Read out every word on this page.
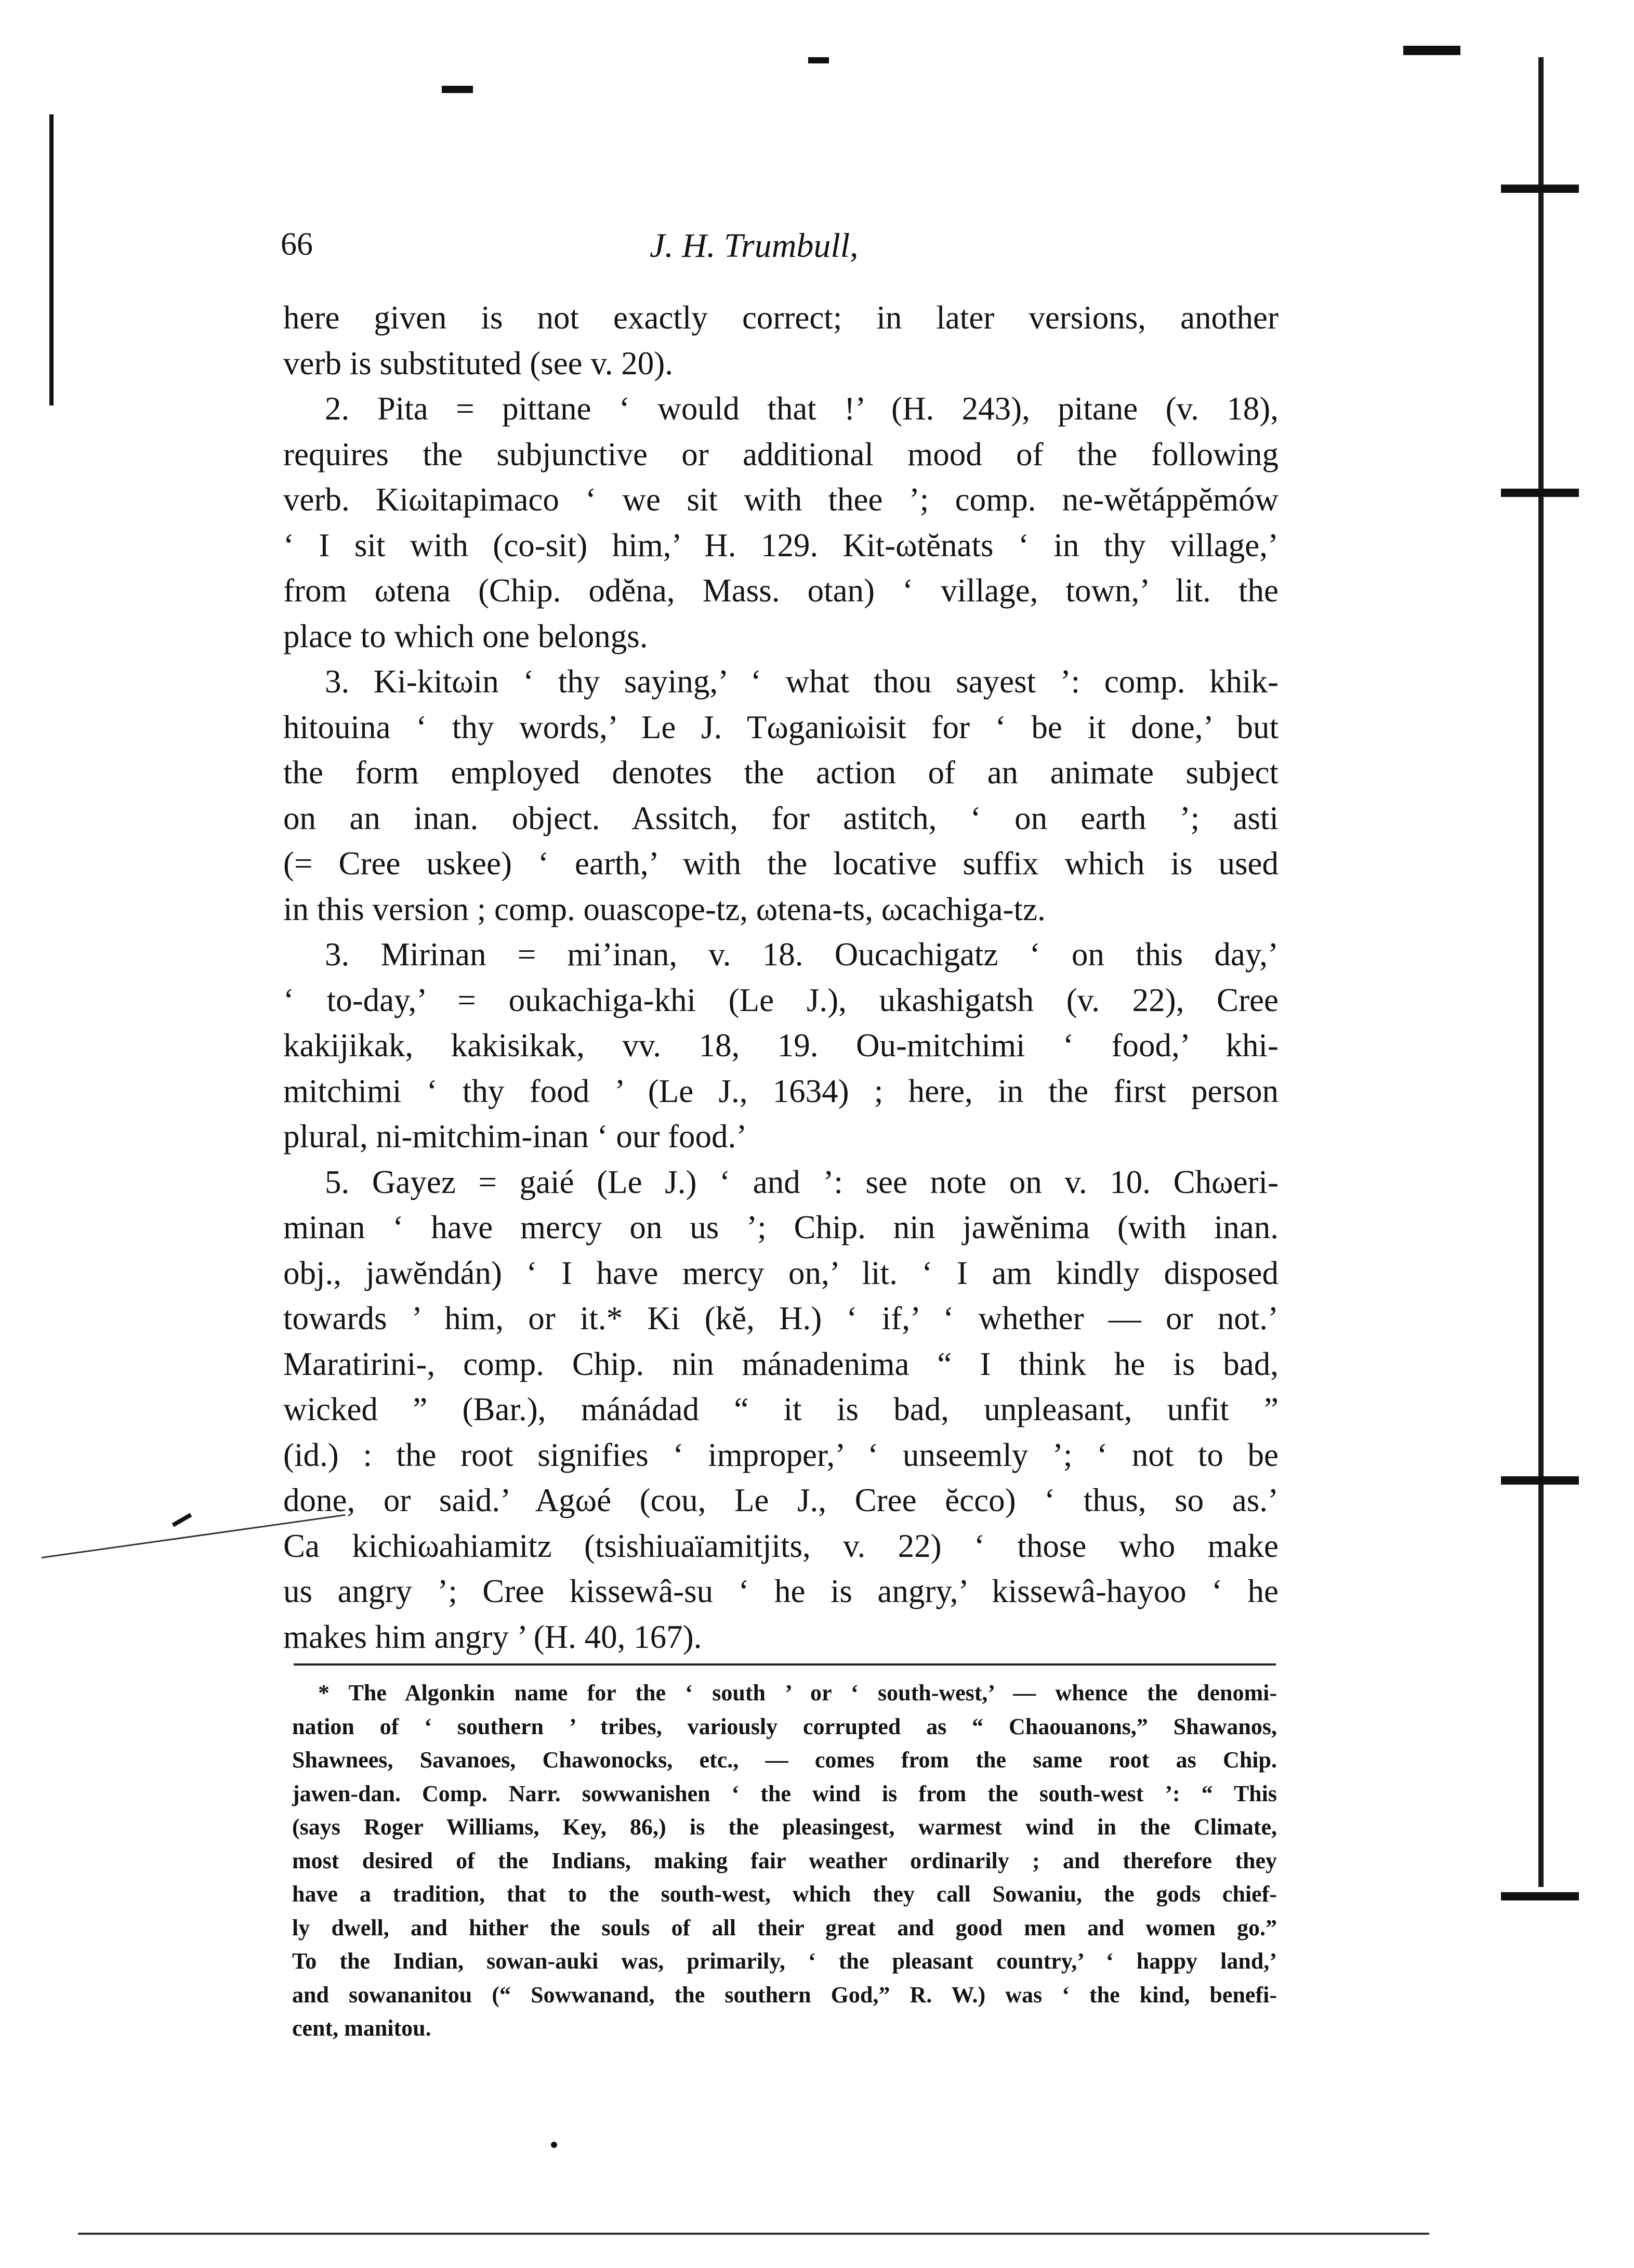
66	J. H. Trumbull,

here given is not exactly correct; in later versions, another

verb is substituted (see v. 20).

2. Pita = pittane ‘ would that !’ (H. 243), pitane (v. 18),

requires the subjunctive or additional mood of the following

verb. Kiωitapimaco ‘ we sit with thee ’; comp. ne-wĕtáppĕmów

‘ I sit with (co-sit) him,’ H. 129. Kit-ωtĕnats ‘ in thy village,’

from ωtena (Chip. odĕna, Mass. otan) ‘ village, town,’ lit. the

place to which one belongs.

3. Ki-kitωin ‘ thy saying,’ ‘ what thou sayest ’: comp. khik-

hitouina ‘ thy words,’ Le J. Tωganiωisit for ‘ be it done,’ but

the form employed denotes the action of an animate subject

on an inan. object. Assitch, for astitch, ‘ on earth ’; asti

(= Cree uskee) ‘ earth,’ with the locative suffix which is used

in this version ; comp. ouascope-tz, ωtena-ts, ωcachiga-tz.

3. Mirinan = mi’inan, v. 18. Oucachigatz ‘ on this day,’

‘ to-day,’ = oukachiga-khi (Le J.), ukashigatsh (v. 22), Cree

kakijikak, kakisikak, vv. 18, 19. Ou-mitchimi ‘ food,’ khi-

mitchimi ‘ thy food ’ (Le J., 1634) ; here, in the first person

plural, ni-mitchim-inan ‘ our food.’

5. Gayez = gaié (Le J.) ‘ and ’: see note on v. 10. Chωeri-

minan ‘ have mercy on us ’; Chip. nin jawĕnima (with inan.

obj., jawĕndán) ‘ I have mercy on,’ lit. ‘ I am kindly disposed

towards ’ him, or it.* Ki (kĕ, H.) ‘ if,’ ‘ whether — or not.’

Maratirini-, comp. Chip. nin mánadenima “ I think he is bad,

wicked ” (Bar.), mánádad “ it is bad, unpleasant, unfit ”

(id.) : the root signifies ‘ improper,’ ‘ unseemly ’; ‘ not to be

done, or said.’ Agωé (cou, Le J., Cree ĕcco) ‘ thus, so as.’

Ca kichiωahiamitz (tsishiuaïamitjits, v. 22) ‘ those who make

us angry ’; Cree kissewâ-su ‘ he is angry,’ kissewâ-hayoo ‘ he

makes him angry ’ (H. 40, 167).

* The Algonkin name for the ‘ south ’ or ‘ south-west,’ — whence the denomi-

nation of ‘ southern ’ tribes, variously corrupted as “ Chaouanons,” Shawanos,

Shawnees, Savanoes, Chawonocks, etc., — comes from the same root as Chip.

jawen-dan. Comp. Narr. sowwanishen ‘ the wind is from the south-west ’: “ This

(says Roger Williams, Key, 86,) is the pleasingest, warmest wind in the Climate,

most desired of the Indians, making fair weather ordinarily ; and therefore they

have a tradition, that to the south-west, which they call Sowaniu, the gods chief-

ly dwell, and hither the souls of all their great and good men and women go.”

To the Indian, sowan-auki was, primarily, ‘ the pleasant country,’ ‘ happy land,’

and sowananitou (“ Sowwanand, the southern God,” R. W.) was ‘ the kind, benefi-

cent, manitou.
